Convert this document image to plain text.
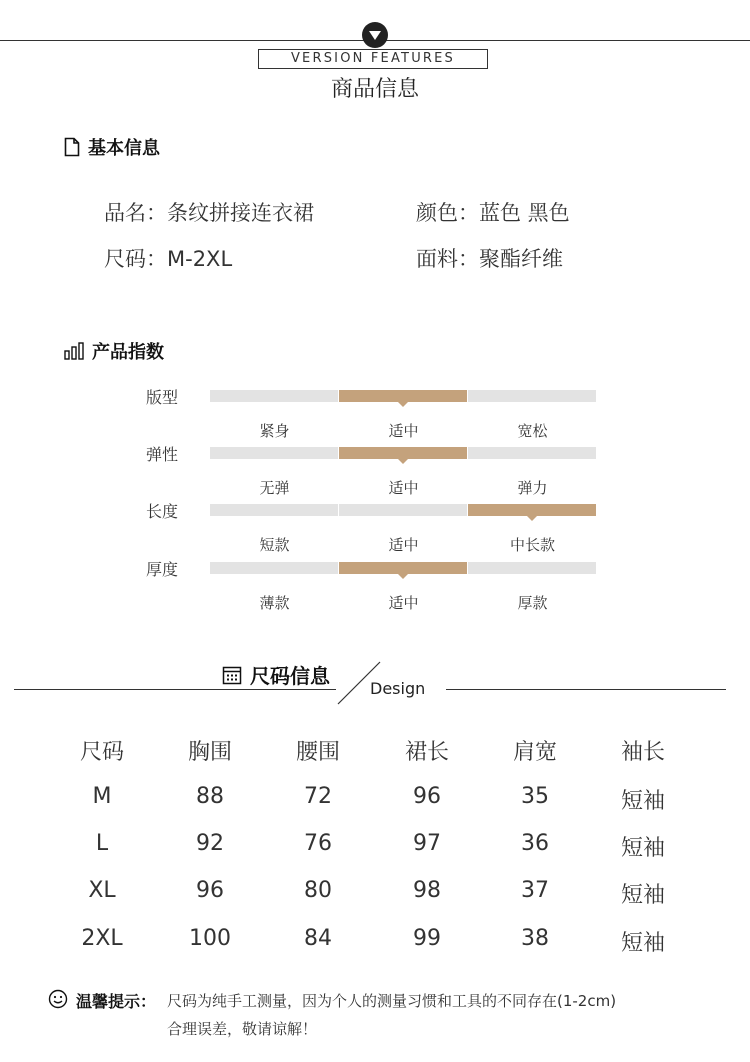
VERSION FEATURES
商品信息
基本信息
品名：条纹拼接连衣裙	颜色：蓝色 黑色
尺码：M-2XL	面料：聚酯纤维
产品指数
版型
紧身	适中	宽松
弹性
无弹	适中	弹力
长度
短款	适中	中长款
厚度
薄款	适中	厚款
尺码信息
Design
尺码	胸围	腰围	裙长	肩宽	袖长
M	88	72	96	35	短袖
L	92	76	97	36	短袖
XL	96	80	98	37	短袖
2XL	100	84	99	38	短袖
温馨提示： 尺码为纯手工测量，因为个人的测量习惯和工具的不同存在(1-2cm)
合理误差，敬请谅解！
